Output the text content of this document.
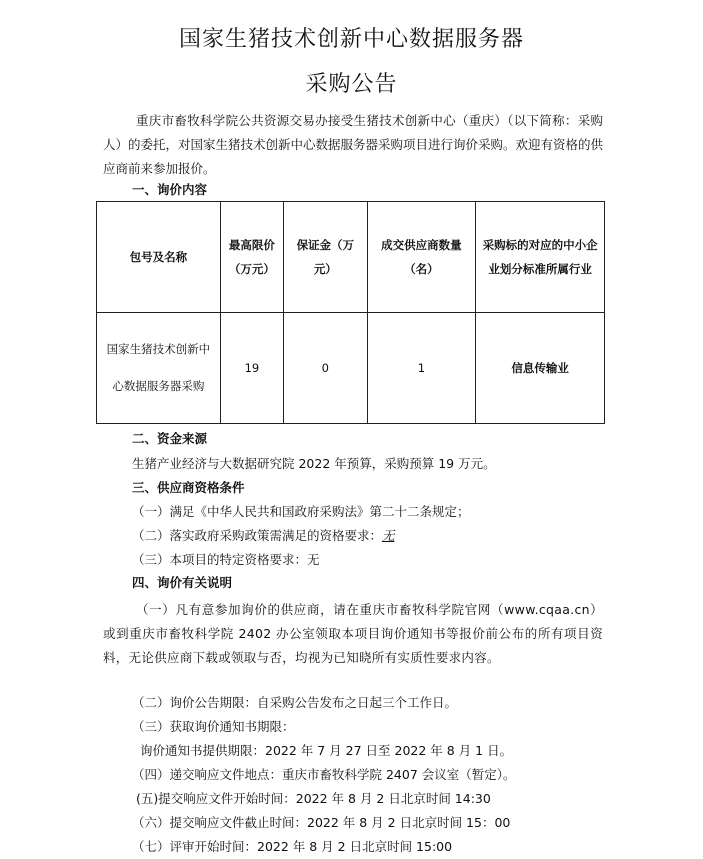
国家生猪技术创新中心数据服务器
采购公告
重庆市畜牧科学院公共资源交易办接受生猪技术创新中心（重庆）（以下简称：采购人）的委托，对国家生猪技术创新中心数据服务器采购项目进行询价采购。欢迎有资格的供应商前来参加报价。
一、询价内容
包号及名称	最高限价（万元）	保证金（万元）	成交供应商数量（名）	采购标的对应的中小企业划分标准所属行业
国家生猪技术创新中心数据服务器采购	19	0	1	信息传输业
二、资金来源
生猪产业经济与大数据研究院 2022 年预算，采购预算 19 万元。
三、供应商资格条件
（一）满足《中华人民共和国政府采购法》第二十二条规定；
（二）落实政府采购政策需满足的资格要求：无
（三）本项目的特定资格要求：无
四、询价有关说明
（一）凡有意参加询价的供应商，请在重庆市畜牧科学院官网（www.cqaa.cn）或到重庆市畜牧科学院 2402 办公室领取本项目询价通知书等报价前公布的所有项目资料，无论供应商下载或领取与否，均视为已知晓所有实质性要求内容。
（二）询价公告期限：自采购公告发布之日起三个工作日。
（三）获取询价通知书期限：
询价通知书提供期限：2022 年 7 月 27 日至 2022 年 8 月 1 日。
（四）递交响应文件地点：重庆市畜牧科学院 2407 会议室（暂定）。
(五)提交响应文件开始时间：2022 年 8 月 2 日北京时间 14:30
（六）提交响应文件截止时间：2022 年 8 月 2 日北京时间 15：00
（七）评审开始时间：2022 年 8 月 2 日北京时间 15:00
